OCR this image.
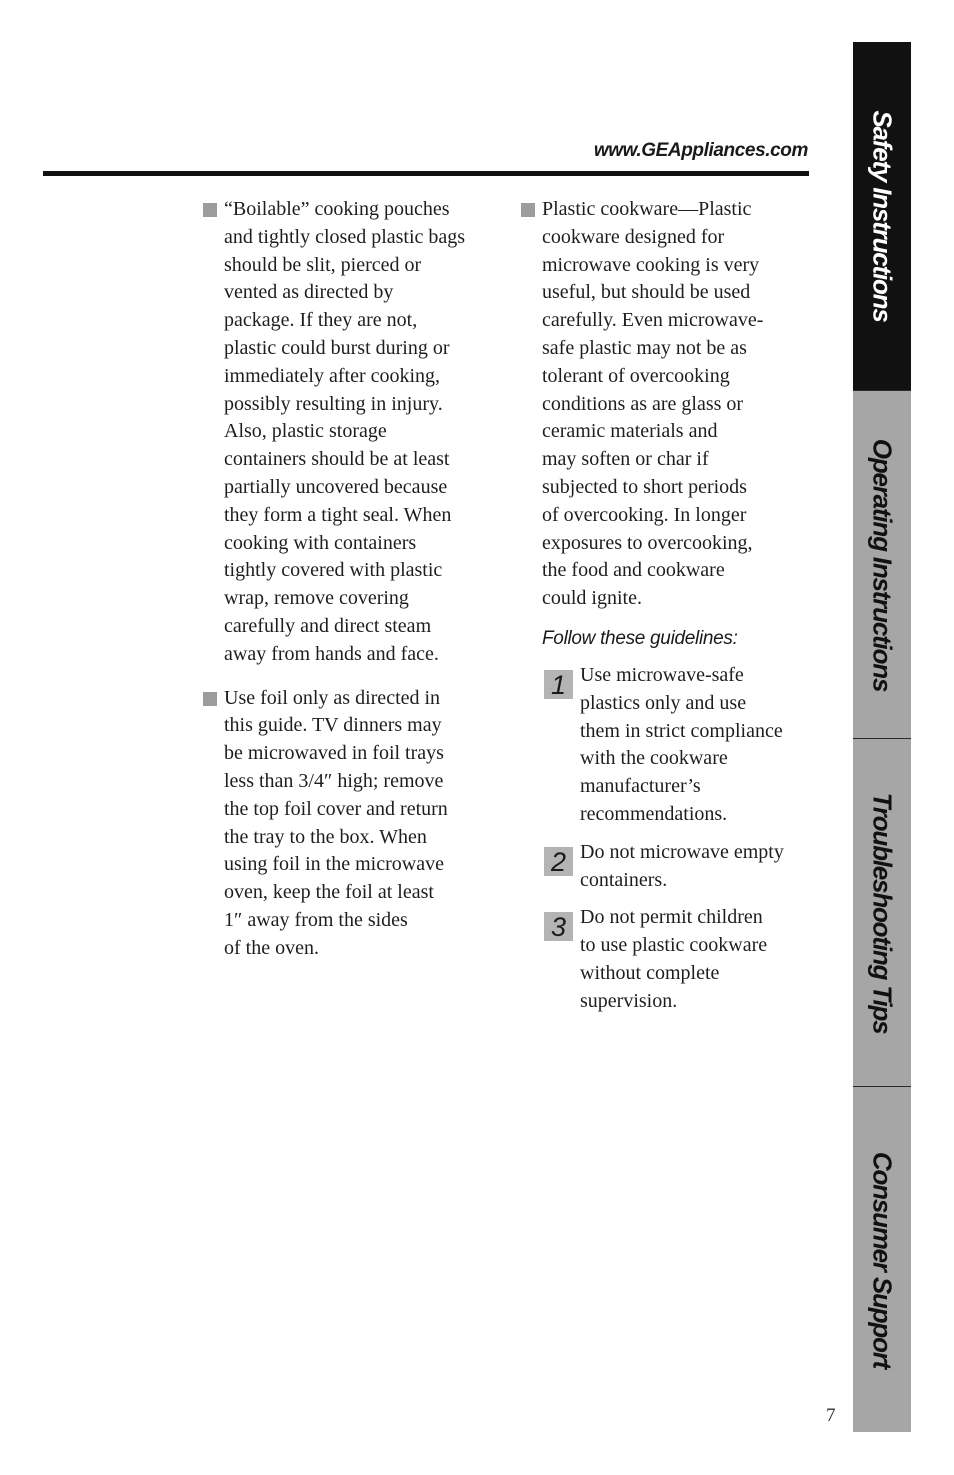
www.GEAppliances.com
“Boilable” cooking pouches
and tightly closed plastic bags
should be slit, pierced or
vented as directed by
package. If they are not,
plastic could burst during or
immediately after cooking,
possibly resulting in injury.
Also, plastic storage
containers should be at least
partially uncovered because
they form a tight seal. When
cooking with containers
tightly covered with plastic
wrap, remove covering
carefully and direct steam
away from hands and face.
Use foil only as directed in
this guide. TV dinners may
be microwaved in foil trays
less than 3/4″ high; remove
the top foil cover and return
the tray to the box. When
using foil in the microwave
oven, keep the foil at least
1″ away from the sides
of the oven.
Plastic cookware—Plastic
cookware designed for
microwave cooking is very
useful, but should be used
carefully. Even microwave-
safe plastic may not be as
tolerant of overcooking
conditions as are glass or
ceramic materials and
may soften or char if
subjected to short periods
of overcooking. In longer
exposures to overcooking,
the food and cookware
could ignite.
Follow these guidelines:
1 Use microwave-safe
plastics only and use
them in strict compliance
with the cookware
manufacturer’s
recommendations.
2 Do not microwave empty
containers.
3 Do not permit children
to use plastic cookware
without complete
supervision.
Safety Instructions
Operating Instructions
Troubleshooting Tips
Consumer Support
7
